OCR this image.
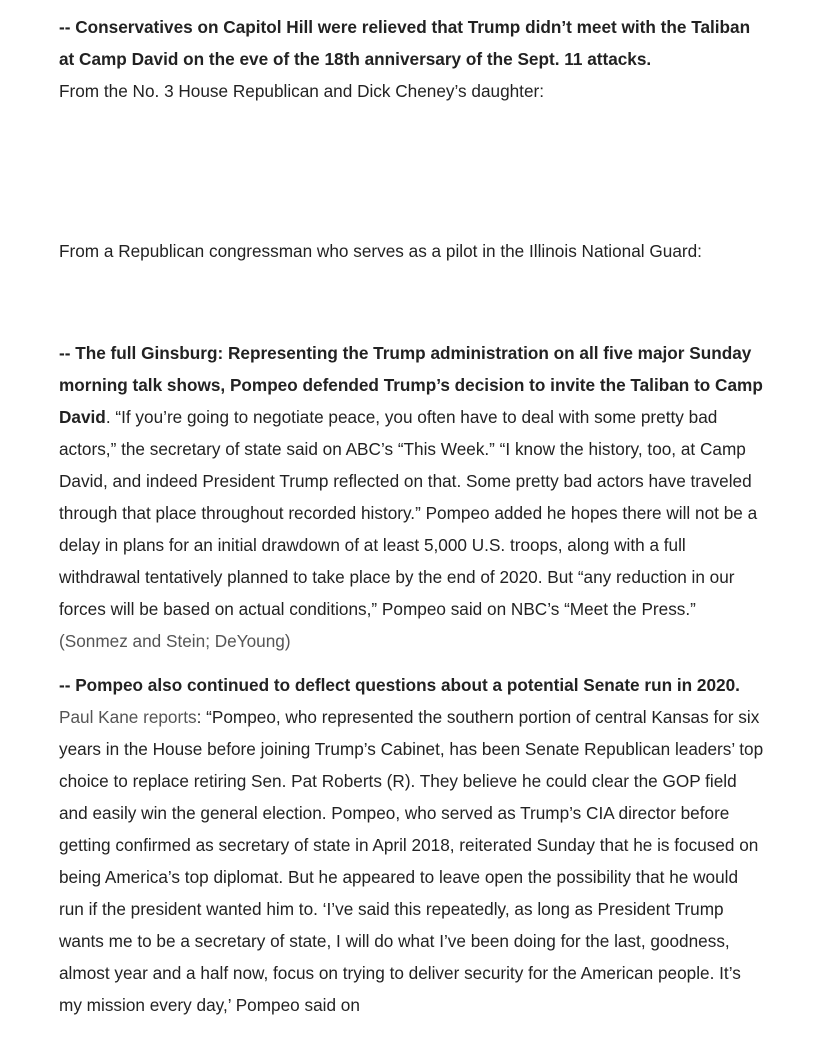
-- Conservatives on Capitol Hill were relieved that Trump didn’t meet with the Taliban at Camp David on the eve of the 18th anniversary of the Sept. 11 attacks.
From the No. 3 House Republican and Dick Cheney’s daughter:

From a Republican congressman who serves as a pilot in the Illinois National Guard:

-- The full Ginsburg: Representing the Trump administration on all five major Sunday morning talk shows, Pompeo defended Trump’s decision to invite the Taliban to Camp David. “If you’re going to negotiate peace, you often have to deal with some pretty bad actors,” the secretary of state said on ABC’s “This Week.” “I know the history, too, at Camp David, and indeed President Trump reflected on that. Some pretty bad actors have traveled through that place throughout recorded history.” Pompeo added he hopes there will not be a delay in plans for an initial drawdown of at least 5,000 U.S. troops, along with a full withdrawal tentatively planned to take place by the end of 2020. But “any reduction in our forces will be based on actual conditions,” Pompeo said on NBC’s “Meet the Press.” (Sonmez and Stein; DeYoung)

-- Pompeo also continued to deflect questions about a potential Senate run in 2020. Paul Kane reports: “Pompeo, who represented the southern portion of central Kansas for six years in the House before joining Trump’s Cabinet, has been Senate Republican leaders’ top choice to replace retiring Sen. Pat Roberts (R). They believe he could clear the GOP field and easily win the general election. Pompeo, who served as Trump’s CIA director before getting confirmed as secretary of state in April 2018, reiterated Sunday that he is focused on being America’s top diplomat. But he appeared to leave open the possibility that he would run if the president wanted him to. ‘I’ve said this repeatedly, as long as President Trump wants me to be a secretary of state, I will do what I’ve been doing for the last, goodness, almost year and a half now, focus on trying to deliver security for the American people. It’s my mission every day,’ Pompeo said on
